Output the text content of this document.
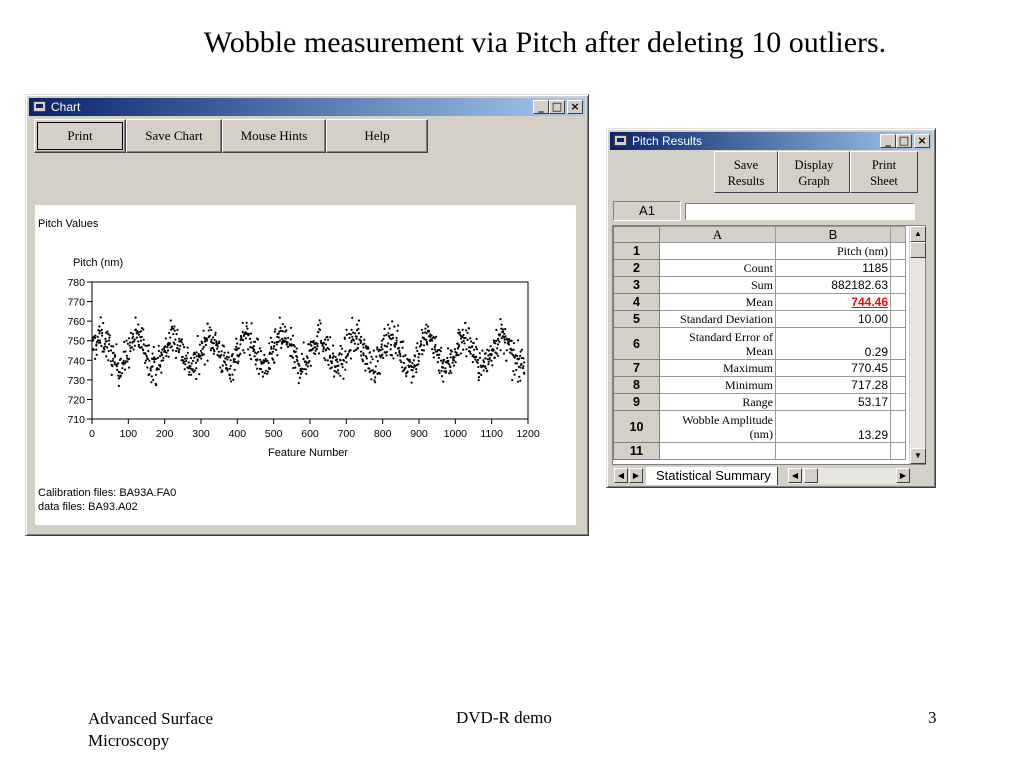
Wobble measurement via Pitch after deleting 10 outliers.
Chart	_ □ ×
Print	Save Chart	Mouse Hints	Help
Pitch Values
Pitch (nm)
0 100 200 300 400 500 600 700 800 900 1000 1100 1200
710
720
730
740
750
760
770
780
Feature Number
Calibration files: BA93A.FA0
data files: BA93.A02
Pitch Results	_ □ ×
Save
Results
Display
Graph
Print
Sheet
A1
	A	B	
1		Pitch (nm)	
2	Count	1185	
3	Sum	882182.63	
4	Mean	744.46	
5	Standard Deviation	10.00	
6	Standard Error of Mean	0.29	
7	Maximum	770.45	
8	Minimum	717.28	
9	Range	53.17	
10	Wobble Amplitude (nm)	13.29	
11			
▲
▼
◀	▶	Statistical Summary	◀	▶
Advanced Surface Microscopy
DVD-R demo	3
